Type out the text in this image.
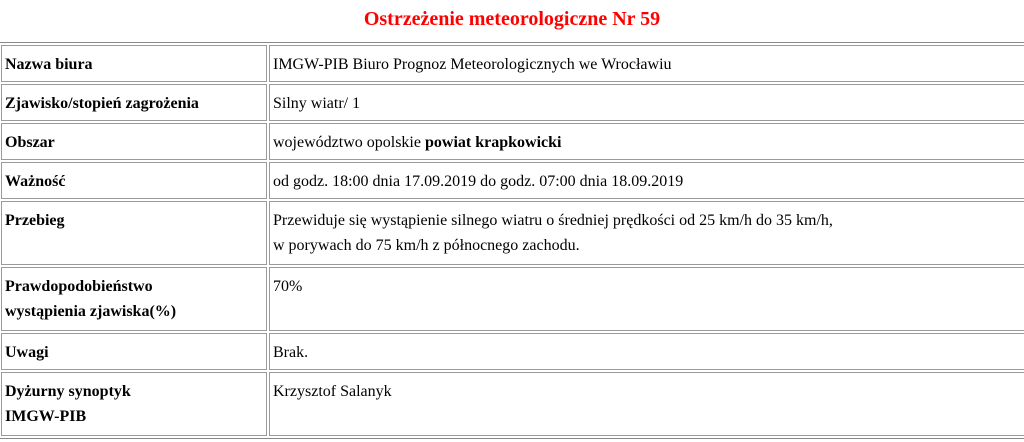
Ostrzeżenie meteorologiczne Nr 59
Nazwa biura	IMGW-PIB Biuro Prognoz Meteorologicznych we Wrocławiu
Zjawisko/stopień zagrożenia	Silny wiatr/ 1
Obszar	województwo opolskie powiat krapkowicki
Ważność	od godz. 18:00 dnia 17.09.2019 do godz. 07:00 dnia 18.09.2019
Przebieg	Przewiduje się wystąpienie silnego wiatru o średniej prędkości od 25 km/h do 35 km/h,
w porywach do 75 km/h z północnego zachodu.

Prawdopodobieństwo
wystąpienia zjawiska(%)	70%
Uwagi	Brak.

Dyżurny synoptyk
IMGW-PIB	Krzysztof Salanyk
